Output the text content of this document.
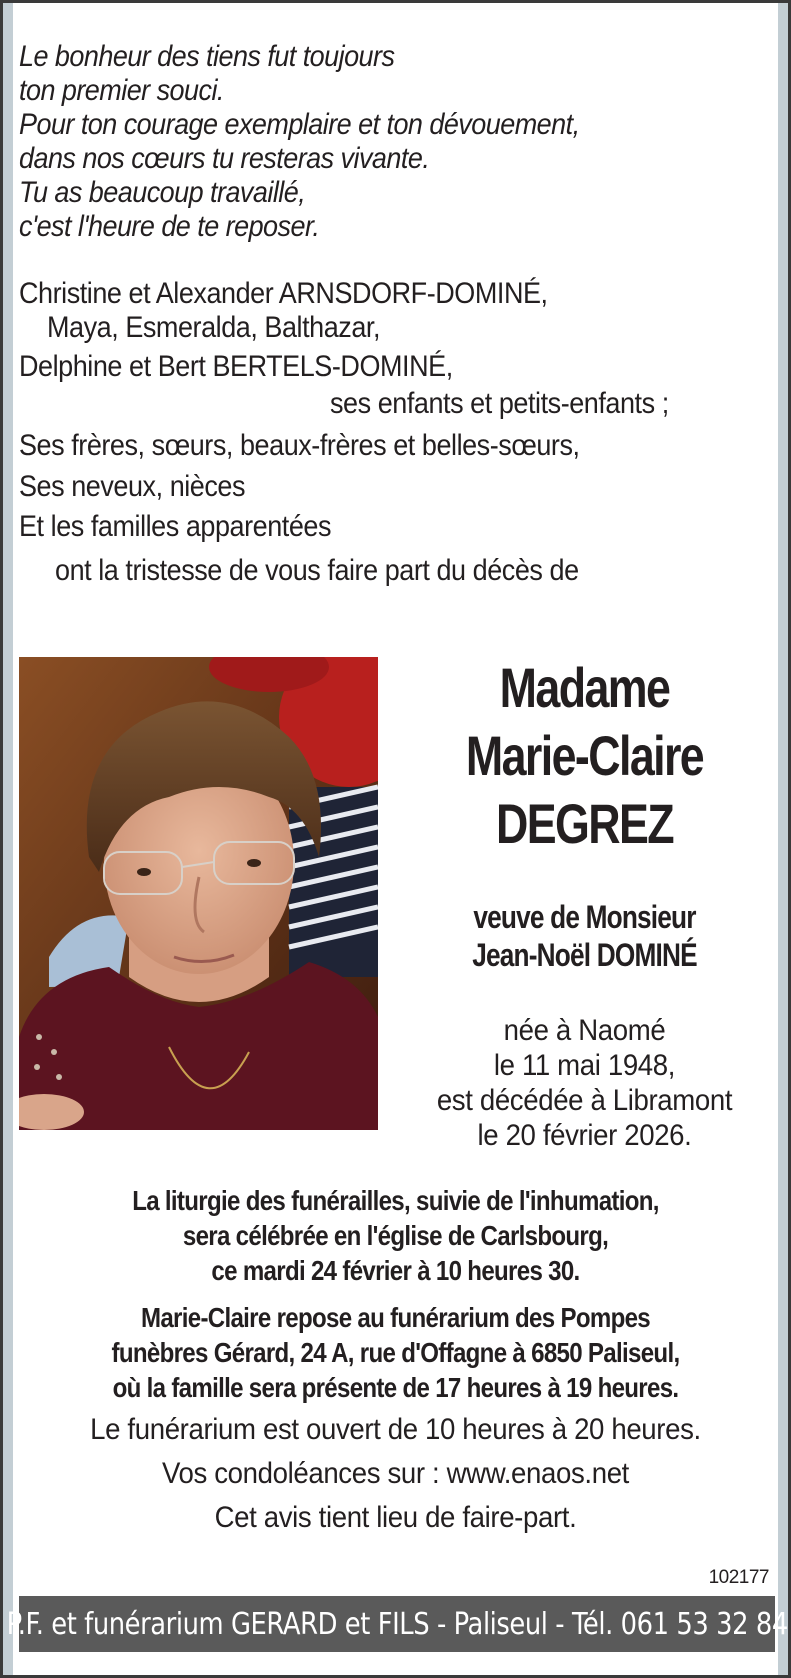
Le bonheur des tiens fut toujours
ton premier souci.
Pour ton courage exemplaire et ton dévouement,
dans nos cœurs tu resteras vivante.
Tu as beaucoup travaillé,
c'est l'heure de te reposer.
Christine et Alexander ARNSDORF-DOMINÉ,
Maya, Esmeralda, Balthazar,
Delphine et Bert BERTELS-DOMINÉ,
ses enfants et petits-enfants ;
Ses frères, sœurs, beaux-frères et belles-sœurs,
Ses neveux, nièces
Et les familles apparentées
ont la tristesse de vous faire part du décès de
Madame
Marie-Claire
DEGREZ
veuve de Monsieur
Jean-Noël DOMINÉ
née à Naomé
le 11 mai 1948,
est décédée à Libramont
le 20 février 2026.
La liturgie des funérailles, suivie de l'inhumation,
sera célébrée en l'église de Carlsbourg,
ce mardi 24 février à 10 heures 30.
Marie-Claire repose au funérarium des Pompes
funèbres Gérard, 24 A, rue d'Offagne à 6850 Paliseul,
où la famille sera présente de 17 heures à 19 heures.
Le funérarium est ouvert de 10 heures à 20 heures.
Vos condoléances sur : www.enaos.net
Cet avis tient lieu de faire-part.
102177
P.F. et funérarium GERARD et FILS - Paliseul - Tél. 061 53 32 84
